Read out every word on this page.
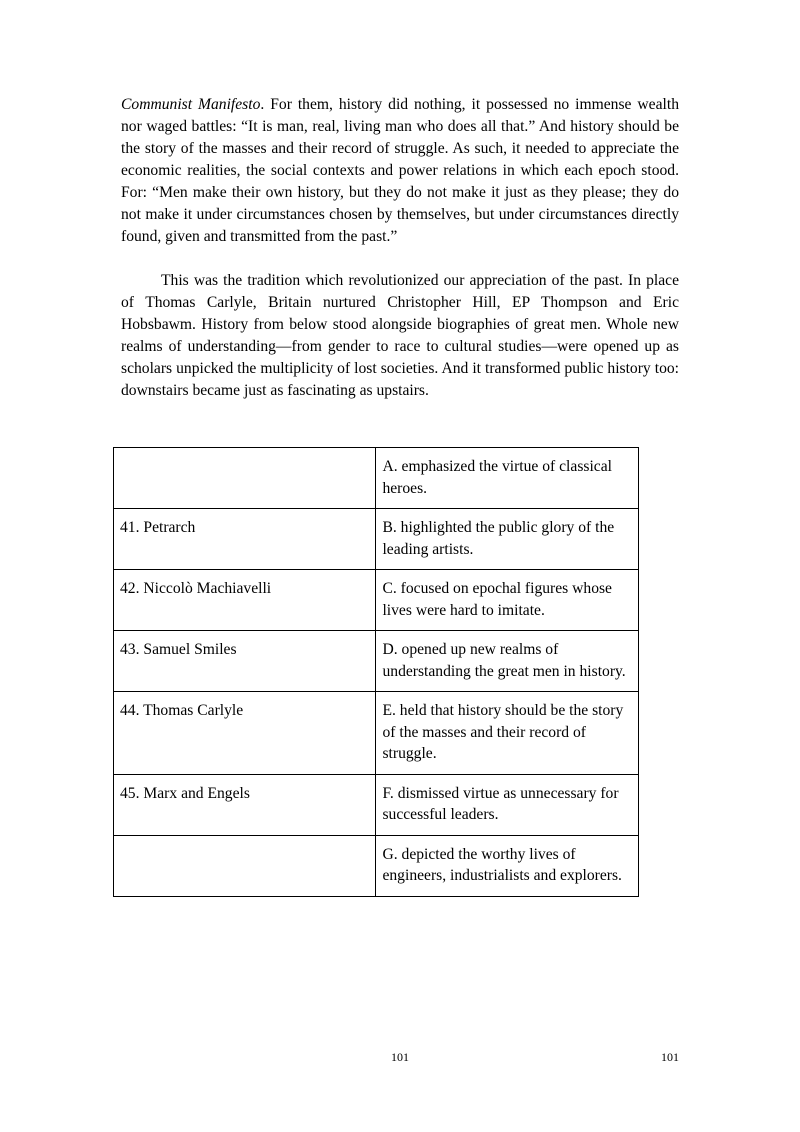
Communist Manifesto. For them, history did nothing, it possessed no immense wealth nor waged battles: “It is man, real, living man who does all that.” And history should be the story of the masses and their record of struggle. As such, it needed to appreciate the economic realities, the social contexts and power relations in which each epoch stood. For: “Men make their own history, but they do not make it just as they please; they do not make it under circumstances chosen by themselves, but under circumstances directly found, given and transmitted from the past.”

This was the tradition which revolutionized our appreciation of the past. In place of Thomas Carlyle, Britain nurtured Christopher Hill, EP Thompson and Eric Hobsbawm. History from below stood alongside biographies of great men. Whole new realms of understanding—from gender to race to cultural studies—were opened up as scholars unpicked the multiplicity of lost societies. And it transformed public history too: downstairs became just as fascinating as upstairs.

	A. emphasized the virtue of classical heroes.
41. Petrarch	B. highlighted the public glory of the leading artists.
42. Niccolò Machiavelli	C. focused on epochal figures whose lives were hard to imitate.
43. Samuel Smiles	D. opened up new realms of understanding the great men in history.
44. Thomas Carlyle	E. held that history should be the story of the masses and their record of struggle.
45. Marx and Engels	F. dismissed virtue as unnecessary for successful leaders.
	G. depicted the worthy lives of engineers, industrialists and explorers.
101	101
